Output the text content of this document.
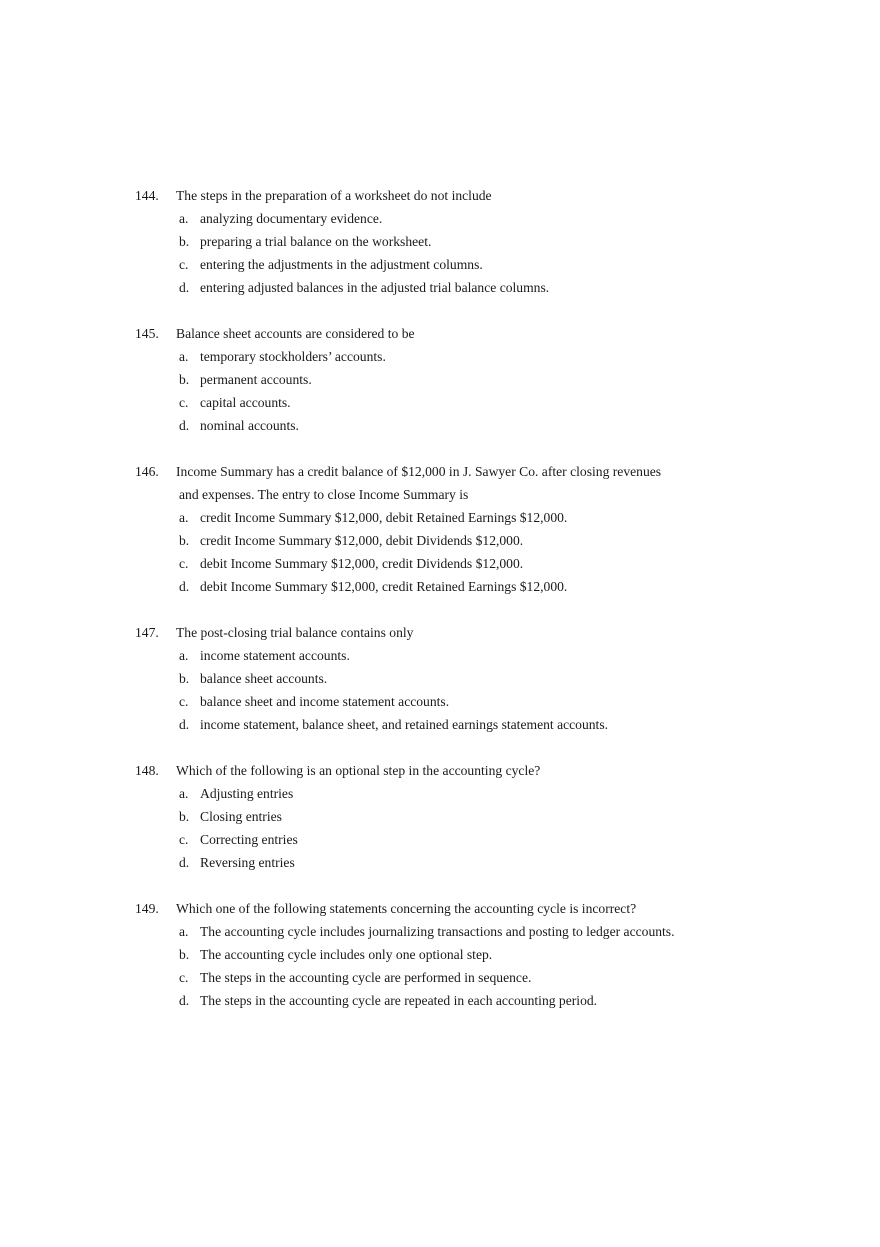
144. The steps in the preparation of a worksheet do not include
a. analyzing documentary evidence.
b. preparing a trial balance on the worksheet.
c. entering the adjustments in the adjustment columns.
d. entering adjusted balances in the adjusted trial balance columns.
145. Balance sheet accounts are considered to be
a. temporary stockholders’ accounts.
b. permanent accounts.
c. capital accounts.
d. nominal accounts.
146. Income Summary has a credit balance of $12,000 in J. Sawyer Co. after closing revenues
and expenses. The entry to close Income Summary is
a. credit Income Summary $12,000, debit Retained Earnings $12,000.
b. credit Income Summary $12,000, debit Dividends $12,000.
c. debit Income Summary $12,000, credit Dividends $12,000.
d. debit Income Summary $12,000, credit Retained Earnings $12,000.
147. The post-closing trial balance contains only
a. income statement accounts.
b. balance sheet accounts.
c. balance sheet and income statement accounts.
d. income statement, balance sheet, and retained earnings statement accounts.
148. Which of the following is an optional step in the accounting cycle?
a. Adjusting entries
b. Closing entries
c. Correcting entries
d. Reversing entries
149. Which one of the following statements concerning the accounting cycle is incorrect?
a. The accounting cycle includes journalizing transactions and posting to ledger accounts.
b. The accounting cycle includes only one optional step.
c. The steps in the accounting cycle are performed in sequence.
d. The steps in the accounting cycle are repeated in each accounting period.
